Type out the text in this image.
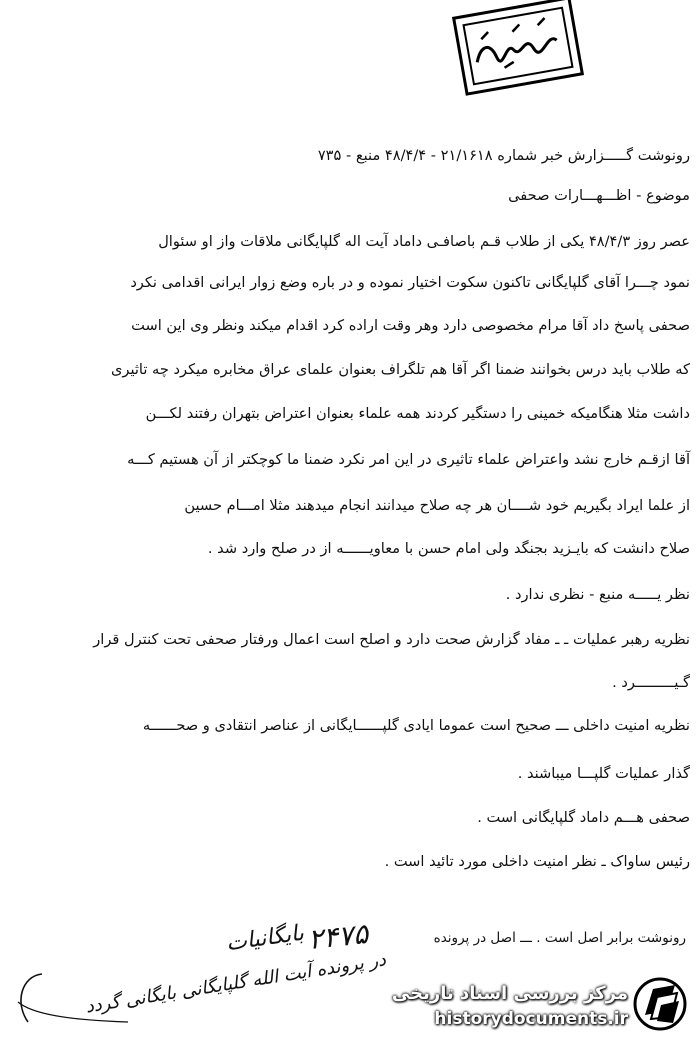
رونوشت گـــــزارش خبر شماره ۲۱/۱۶۱۸ - ۴۸/۴/۴ منبع - ۷۳۵
موضوع - اظـــهـــارات صحفی
عصر روز ۴۸/۴/۳ یکی از طلاب قـم باصافـی داماد آیت اله گلپایگانی ملاقات واز او سئوال
نمود چـــرا آقای گلپایگانی تاکنون سکوت اختیار نموده و در باره وضع زوار ایرانی اقدامی نکرد
صحفی پاسخ داد آقا مرام مخصوصی دارد وهر وقت اراده کرد اقدام میکند ونظر وی این است
که طلاب باید درس بخوانند ضمنا اگر آقا هم تلگراف بعنوان علمای عراق مخابره میکرد چه تاثیری
داشت مثلا هنگامیکه خمینی را دستگیر کردند همه علماء بعنوان اعتراض بتهران رفتند لکـــن
آقا ازقـم خارج نشد واعتراض علماء تاثیری در این امر نکرد ضمنا ما کوچکتر از آن هستیم کـــه
از علما ایراد بگیریم خود شــــان هر چه صلاح میدانند انجام میدهند مثلا امـــام حسین
صلاح دانشت که بایـزید بجنگد ولی امام حسن با معاویــــــه از در صلح وارد شد .
نظر یـــــه منبع - نظری ندارد .
نظریه رهبر عملیات ـ ـ مفاد گزارش صحت دارد و اصلح است اعمال ورفتار صحفی تحت کنترل قرار
گـیـــــــــرد .
نظریه امنیت داخلی ـــ صحیح است عموما ایادی گلپــــــایگانی از عناصر انتقادی و صحــــــه
گذار عملیات گلپـــا میباشند .
صحفی هـــم داماد گلپایگانی است .
رئیس ساواک ـ نظر امنیت داخلی مورد تائید است .
رونوشت برابر اصل است . ـــ اصل در پرونده
۲۴۷۵
بایگانیات
در پرونده آیت الله گلپایگانی بایگانی گردد مرکز بررسی اسناد تاریخی
historydocuments.ir
